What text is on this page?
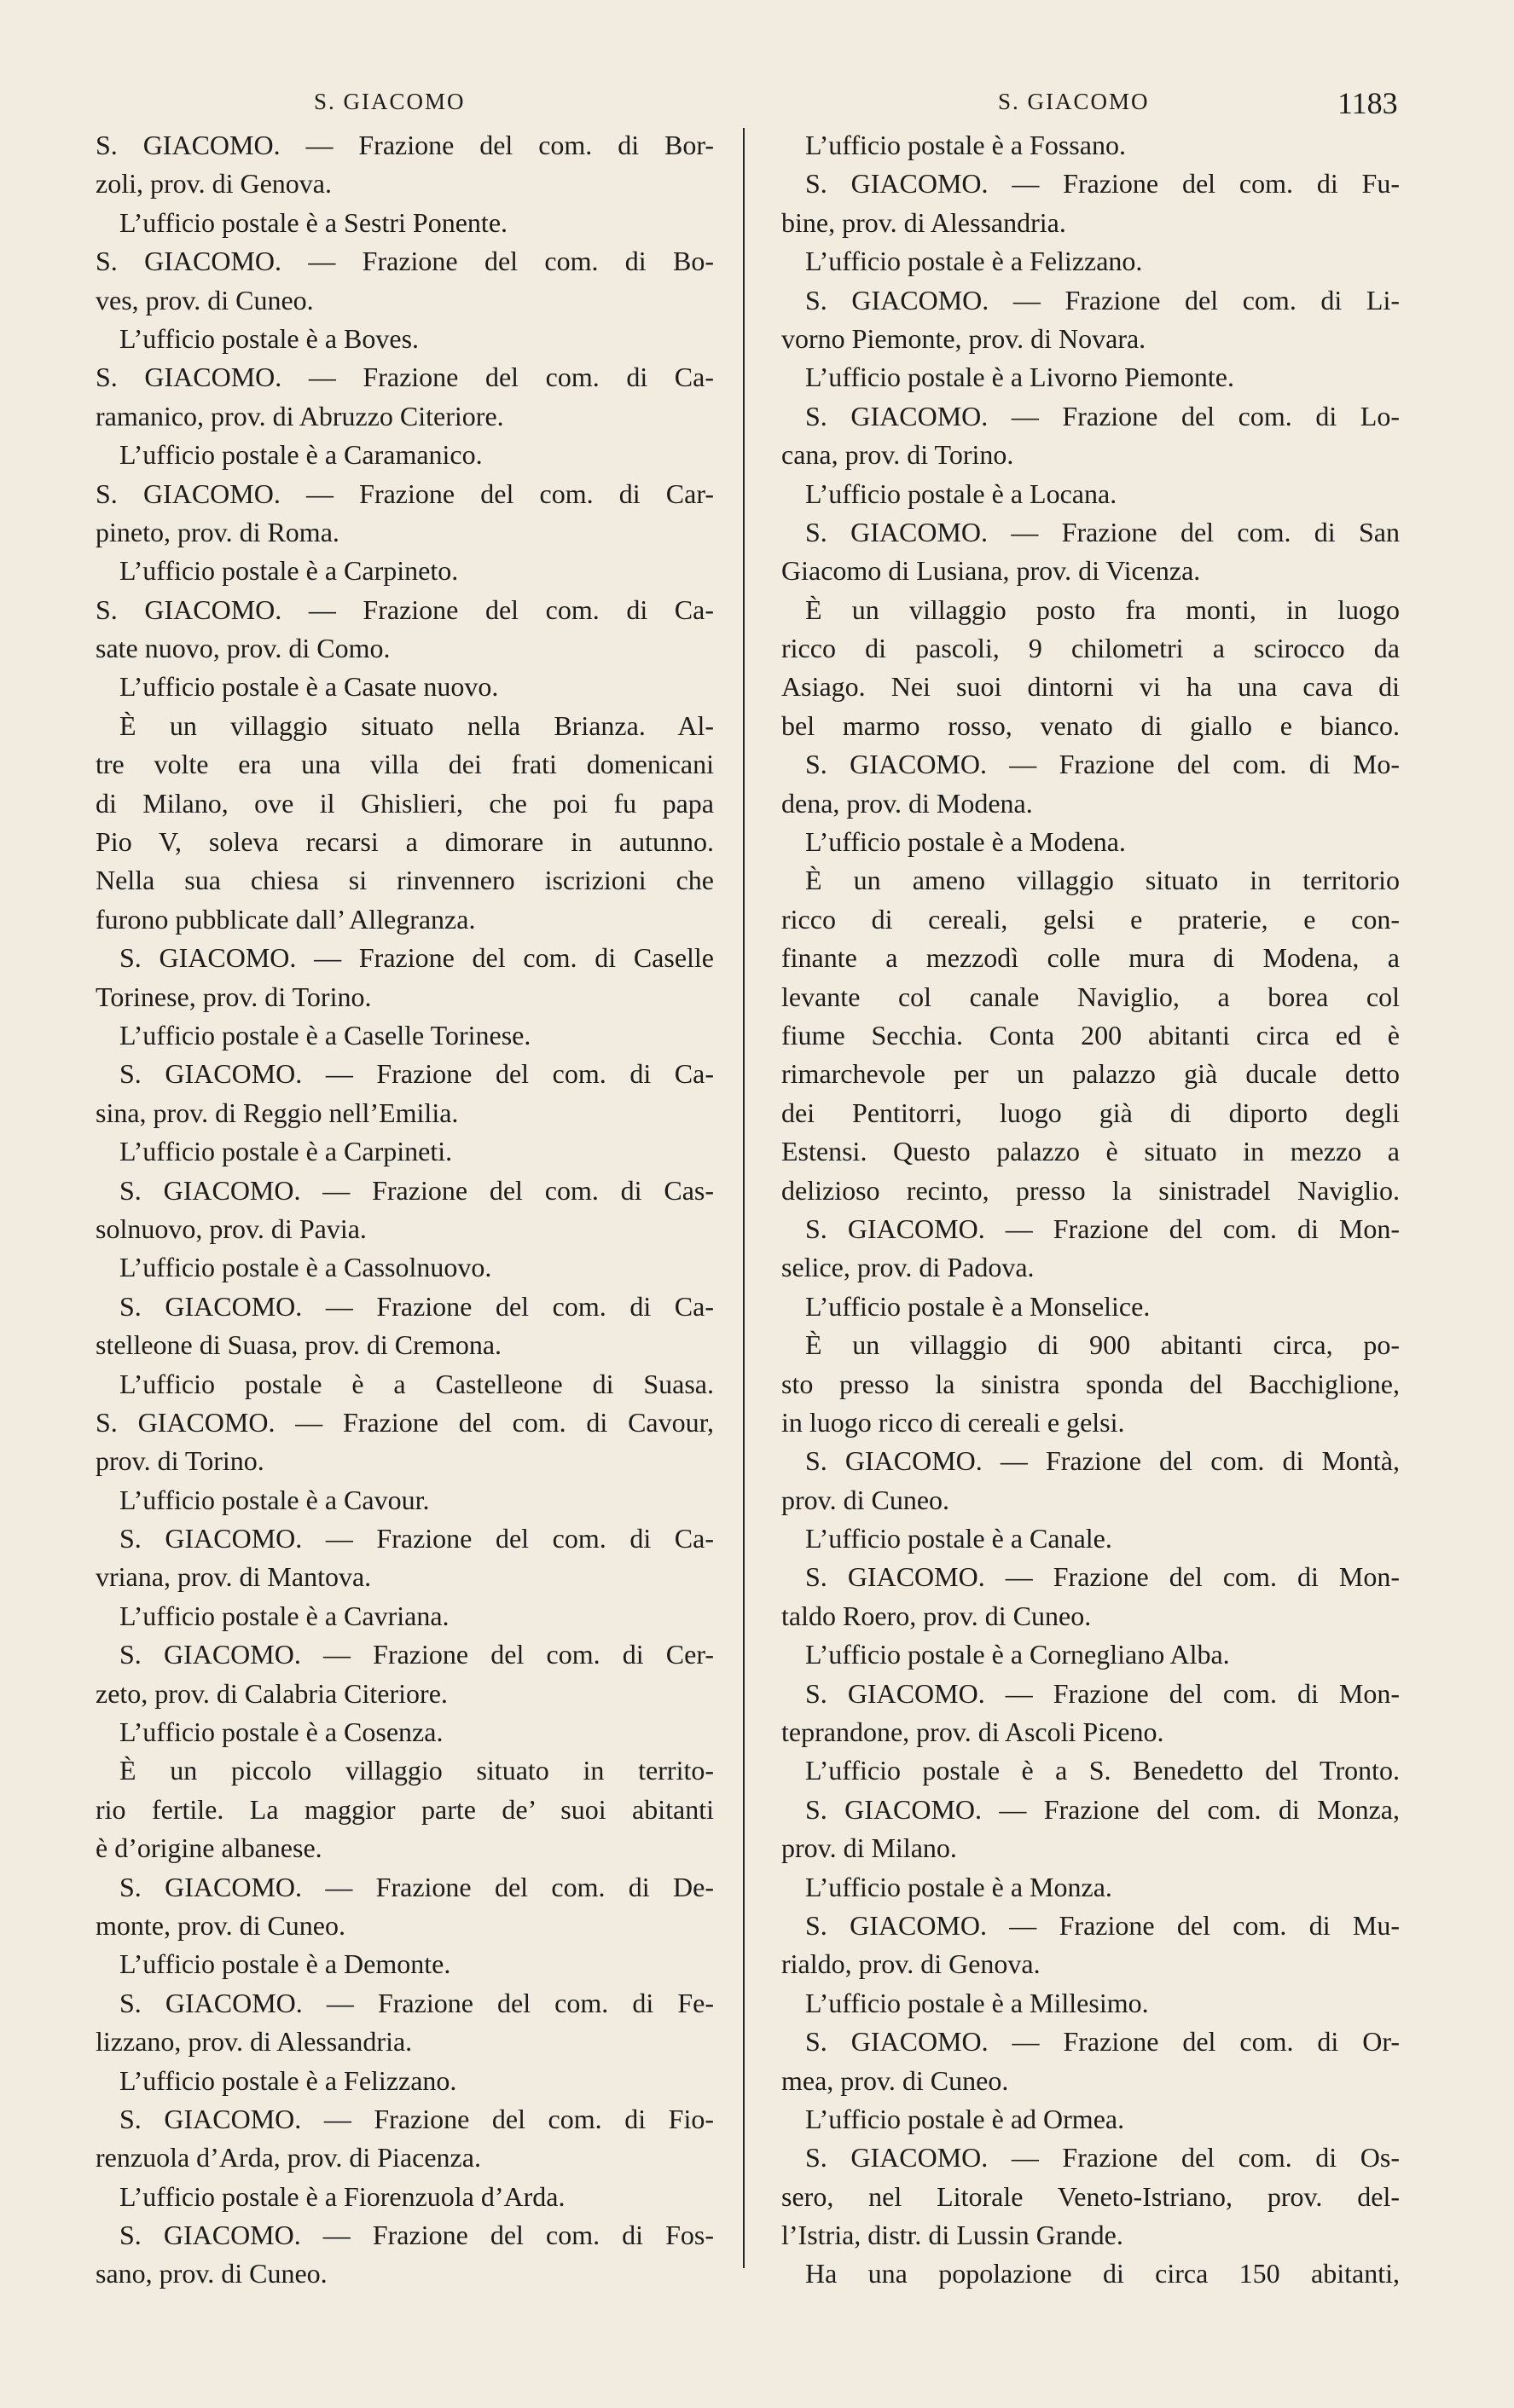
S. GIACOMO	S. GIACOMO	1183
S. GIACOMO. — Frazione del com. di Bor-
zoli, prov. di Genova.
L’ufficio postale è a Sestri Ponente.
S. GIACOMO. — Frazione del com. di Bo-
ves, prov. di Cuneo.
L’ufficio postale è a Boves.
S. GIACOMO. — Frazione del com. di Ca-
ramanico, prov. di Abruzzo Citeriore.
L’ufficio postale è a Caramanico.
S. GIACOMO. — Frazione del com. di Car-
pineto, prov. di Roma.
L’ufficio postale è a Carpineto.
S. GIACOMO. — Frazione del com. di Ca-
sate nuovo, prov. di Como.
L’ufficio postale è a Casate nuovo.
È un villaggio situato nella Brianza. Al-
tre volte era una villa dei frati domenicani
di Milano, ove il Ghislieri, che poi fu papa
Pio V, soleva recarsi a dimorare in autunno.
Nella sua chiesa si rinvennero iscrizioni che
furono pubblicate dall’ Allegranza.
S. GIACOMO. — Frazione del com. di Caselle
Torinese, prov. di Torino.
L’ufficio postale è a Caselle Torinese.
S. GIACOMO. — Frazione del com. di Ca-
sina, prov. di Reggio nell’Emilia.
L’ufficio postale è a Carpineti.
S. GIACOMO. — Frazione del com. di Cas-
solnuovo, prov. di Pavia.
L’ufficio postale è a Cassolnuovo.
S. GIACOMO. — Frazione del com. di Ca-
stelleone di Suasa, prov. di Cremona.
L’ufficio postale è a Castelleone di Suasa.
S. GIACOMO. — Frazione del com. di Cavour,
prov. di Torino.
L’ufficio postale è a Cavour.
S. GIACOMO. — Frazione del com. di Ca-
vriana, prov. di Mantova.
L’ufficio postale è a Cavriana.
S. GIACOMO. — Frazione del com. di Cer-
zeto, prov. di Calabria Citeriore.
L’ufficio postale è a Cosenza.
È un piccolo villaggio situato in territo-
rio fertile. La maggior parte de’ suoi abitanti
è d’origine albanese.
S. GIACOMO. — Frazione del com. di De-
monte, prov. di Cuneo.
L’ufficio postale è a Demonte.
S. GIACOMO. — Frazione del com. di Fe-
lizzano, prov. di Alessandria.
L’ufficio postale è a Felizzano.
S. GIACOMO. — Frazione del com. di Fio-
renzuola d’Arda, prov. di Piacenza.
L’ufficio postale è a Fiorenzuola d’Arda.
S. GIACOMO. — Frazione del com. di Fos-
sano, prov. di Cuneo.
L’ufficio postale è a Fossano.
S. GIACOMO. — Frazione del com. di Fu-
bine, prov. di Alessandria.
L’ufficio postale è a Felizzano.
S. GIACOMO. — Frazione del com. di Li-
vorno Piemonte, prov. di Novara.
L’ufficio postale è a Livorno Piemonte.
S. GIACOMO. — Frazione del com. di Lo-
cana, prov. di Torino.
L’ufficio postale è a Locana.
S. GIACOMO. — Frazione del com. di San
Giacomo di Lusiana, prov. di Vicenza.
È un villaggio posto fra monti, in luogo
ricco di pascoli, 9 chilometri a scirocco da
Asiago. Nei suoi dintorni vi ha una cava di
bel marmo rosso, venato di giallo e bianco.
S. GIACOMO. — Frazione del com. di Mo-
dena, prov. di Modena.
L’ufficio postale è a Modena.
È un ameno villaggio situato in territorio
ricco di cereali, gelsi e praterie, e con-
finante a mezzodì colle mura di Modena, a
levante col canale Naviglio, a borea col
fiume Secchia. Conta 200 abitanti circa ed è
rimarchevole per un palazzo già ducale detto
dei Pentitorri, luogo già di diporto degli
Estensi. Questo palazzo è situato in mezzo a
delizioso recinto, presso la sinistradel Naviglio.
S. GIACOMO. — Frazione del com. di Mon-
selice, prov. di Padova.
L’ufficio postale è a Monselice.
È un villaggio di 900 abitanti circa, po-
sto presso la sinistra sponda del Bacchiglione,
in luogo ricco di cereali e gelsi.
S. GIACOMO. — Frazione del com. di Montà,
prov. di Cuneo.
L’ufficio postale è a Canale.
S. GIACOMO. — Frazione del com. di Mon-
taldo Roero, prov. di Cuneo.
L’ufficio postale è a Cornegliano Alba.
S. GIACOMO. — Frazione del com. di Mon-
teprandone, prov. di Ascoli Piceno.
L’ufficio postale è a S. Benedetto del Tronto.
S. GIACOMO. — Frazione del com. di Monza,
prov. di Milano.
L’ufficio postale è a Monza.
S. GIACOMO. — Frazione del com. di Mu-
rialdo, prov. di Genova.
L’ufficio postale è a Millesimo.
S. GIACOMO. — Frazione del com. di Or-
mea, prov. di Cuneo.
L’ufficio postale è ad Ormea.
S. GIACOMO. — Frazione del com. di Os-
sero, nel Litorale Veneto-Istriano, prov. del-
l’Istria, distr. di Lussin Grande.
Ha una popolazione di circa 150 abitanti,
